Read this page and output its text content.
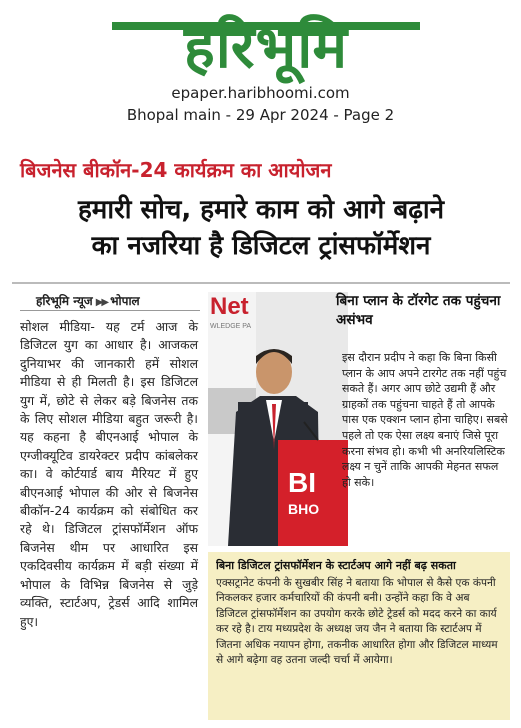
हरिभूमि
epaper.haribhoomi.com
Bhopal main - 29 Apr 2024 - Page 2
बिजनेस बीकॉन-24 कार्यक्रम का आयोजन
हमारी सोच, हमारे काम को आगे बढ़ाने
का नजरिया है डिजिटल ट्रांसफॉर्मेशन
हरिभूमि न्यूज ▶▶ भोपाल
सोशल मीडिया- यह टर्म आज के डिजिटल युग का आधार है। आजकल दुनियाभर की जानकारी हमें सोशल मीडिया से ही मिलती है। इस डिजिटल युग में, छोटे से लेकर बड़े बिजनेस तक के लिए सोशल मीडिया बहुत जरूरी है। यह कहना है बीएनआई भोपाल के एग्जीक्यूटिव डायरेक्टर प्रदीप कांबलेकर का। वे कोर्टयार्ड बाय मैरियट में हुए बीएनआई भोपाल की ओर से बिजनेस बीकॉन-24 कार्यक्रम को संबोधित कर रहे थे। डिजिटल ट्रांसफॉर्मेशन ऑफ बिजनेस थीम पर आधारित इस एकदिवसीय कार्यक्रम में बड़ी संख्या में भोपाल के विभिन्न बिजनेस से जुड़े व्यक्ति, स्टार्टअप, ट्रेडर्स आदि शामिल हुए।
Net
WLEDGE PA
BI
BHO
बिना प्लान के टॉरगेट तक पहुंचना असंभव
इस दौरान प्रदीप ने कहा कि बिना किसी प्लान के आप अपने टारगेट तक नहीं पहुंच सकते हैं। अगर आप छोटे उद्यमी हैं और ग्राहकों तक पहुंचना चाहते हैं तो आपके पास एक एक्शन प्लान होना चाहिए। सबसे पहले तो एक ऐसा लक्ष्य बनाएं जिसे पूरा करना संभव हो। कभी भी अनरियलिस्टिक लक्ष्य न चुनें ताकि आपकी मेहनत सफल हो सके।
बिना डिजिटल ट्रांसफॉर्मेशन के स्टार्टअप आगे नहीं बढ़ सकता
एक्सट्रानेट कंपनी के सुखबीर सिंह ने बताया कि भोपाल से कैसे एक कंपनी निकलकर हजार कर्मचारियों की कंपनी बनी। उन्होंने कहा कि वे अब डिजिटल ट्रांसफॉर्मेशन का उपयोग करके छोटे ट्रेडर्स को मदद करने का कार्य कर रहे है। टाय मध्यप्रदेश के अध्यक्ष जय जैन ने बताया कि स्टार्टअप में जितना अधिक नयापन होगा, तकनीक आधारित होगा और डिजिटल माध्यम से आगे बढ़ेगा वह उतना जल्दी चर्चा में आयेगा।
